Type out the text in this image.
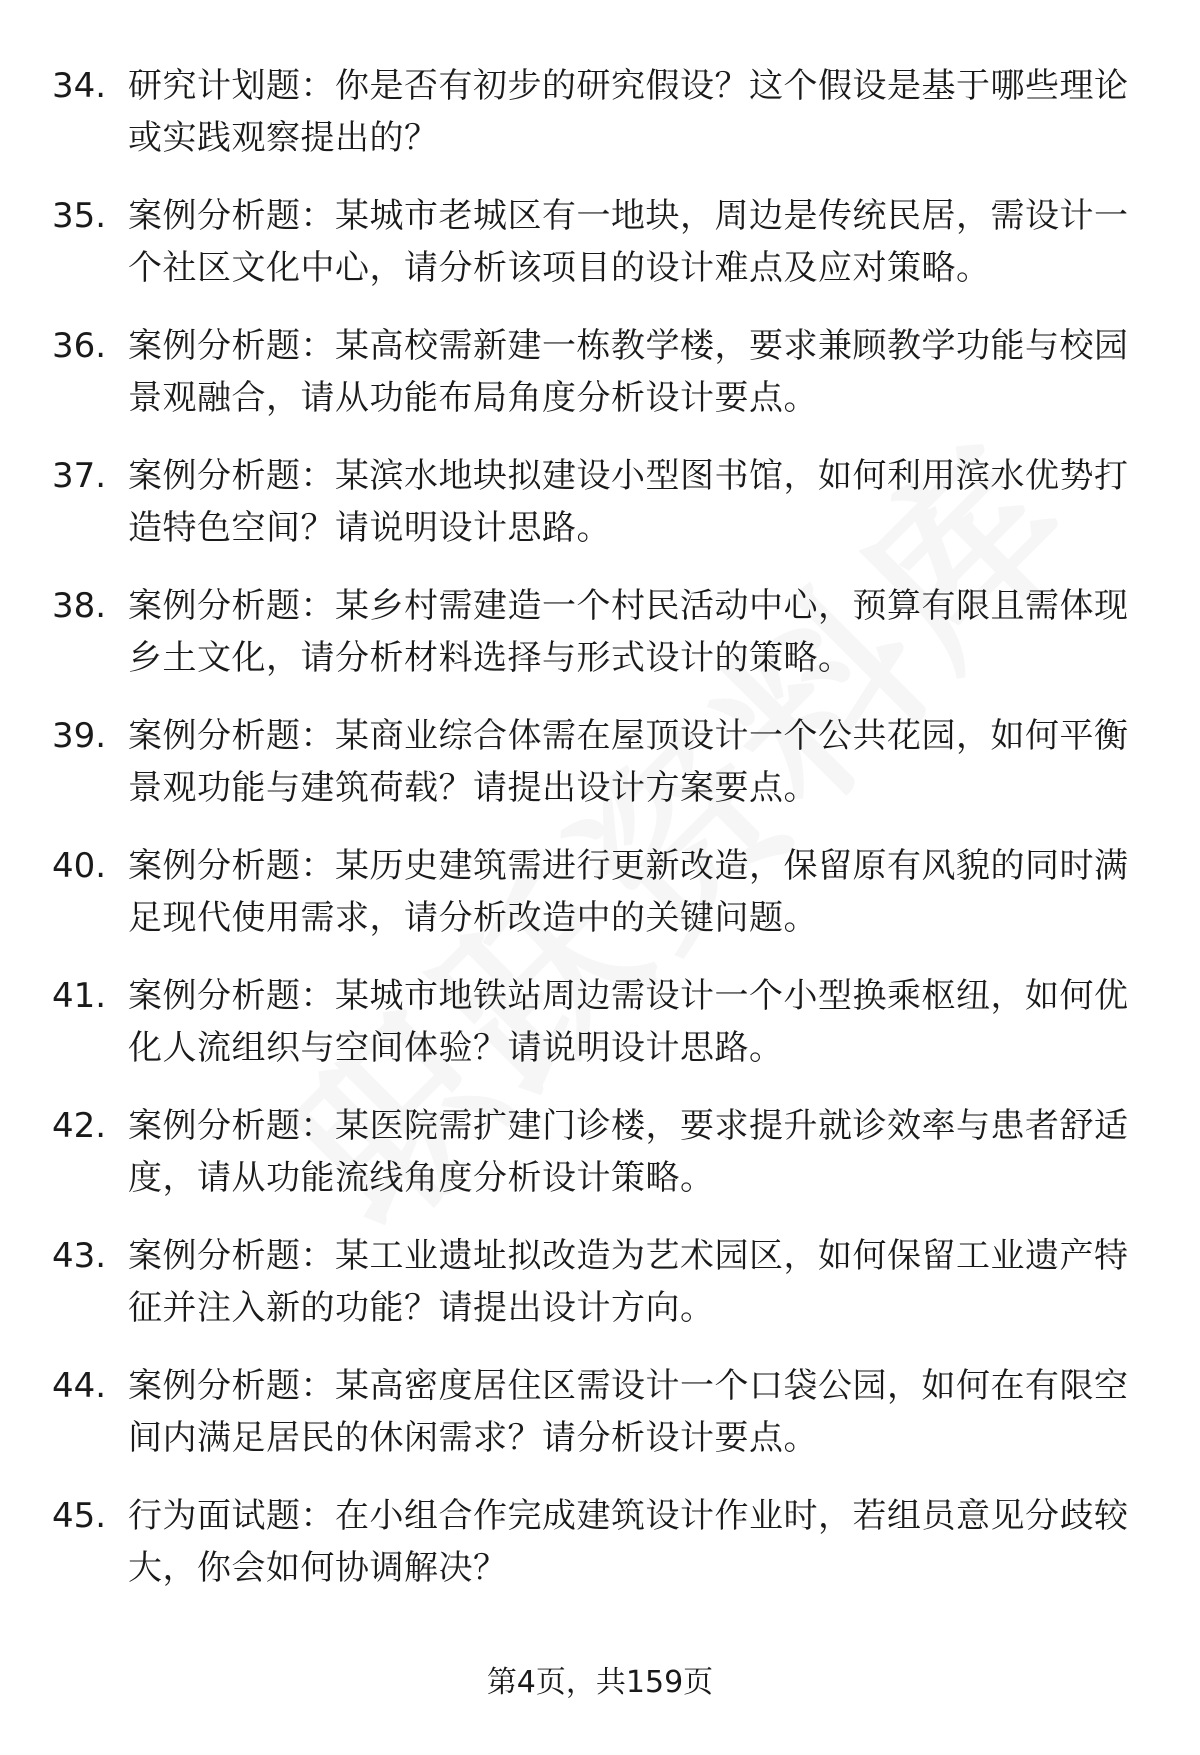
34. 研究计划题：你是否有初步的研究假设？这个假设是基于哪些理论或实践观察提出的？
35. 案例分析题：某城市老城区有一地块，周边是传统民居，需设计一个社区文化中心，请分析该项目的设计难点及应对策略。
36. 案例分析题：某高校需新建一栋教学楼，要求兼顾教学功能与校园景观融合，请从功能布局角度分析设计要点。
37. 案例分析题：某滨水地块拟建设小型图书馆，如何利用滨水优势打造特色空间？请说明设计思路。
38. 案例分析题：某乡村需建造一个村民活动中心，预算有限且需体现乡土文化，请分析材料选择与形式设计的策略。
39. 案例分析题：某商业综合体需在屋顶设计一个公共花园，如何平衡景观功能与建筑荷载？请提出设计方案要点。
40. 案例分析题：某历史建筑需进行更新改造，保留原有风貌的同时满足现代使用需求，请分析改造中的关键问题。
41. 案例分析题：某城市地铁站周边需设计一个小型换乘枢纽，如何优化人流组织与空间体验？请说明设计思路。
42. 案例分析题：某医院需扩建门诊楼，要求提升就诊效率与患者舒适度，请从功能流线角度分析设计策略。
43. 案例分析题：某工业遗址拟改造为艺术园区，如何保留工业遗产特征并注入新的功能？请提出设计方向。
44. 案例分析题：某高密度居住区需设计一个口袋公园，如何在有限空间内满足居民的休闲需求？请分析设计要点。
45. 行为面试题：在小组合作完成建筑设计作业时，若组员意见分歧较大，你会如何协调解决？
第4页，共159页
